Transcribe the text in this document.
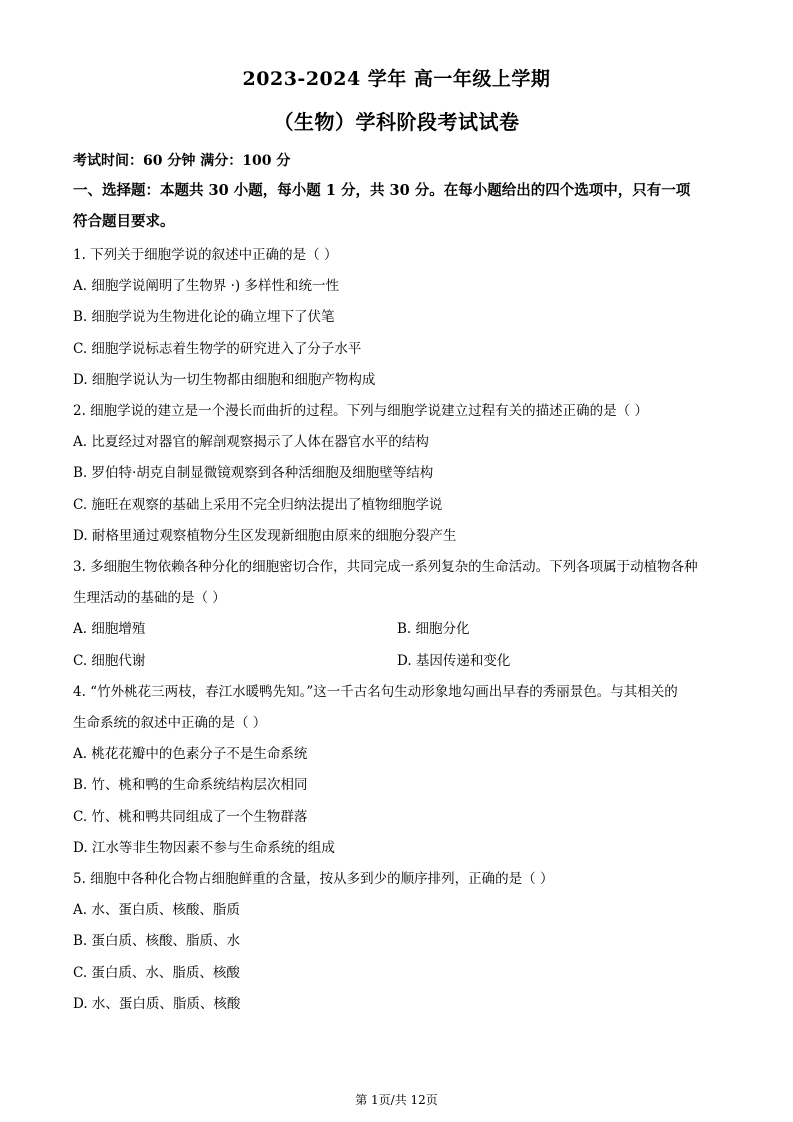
2023-2024 学年 高一年级上学期
（生物）学科阶段考试试卷
考试时间：60 分钟 满分：100 分
一、选择题：本题共 30 小题，每小题 1 分，共 30 分。在每小题给出的四个选项中，只有一项
符合题目要求。
1. 下列关于细胞学说的叙述中正确的是（ ）
A. 细胞学说阐明了生物界 ·) 多样性和统一性
B. 细胞学说为生物进化论的确立埋下了伏笔
C. 细胞学说标志着生物学的研究进入了分子水平
D. 细胞学说认为一切生物都由细胞和细胞产物构成
2. 细胞学说的建立是一个漫长而曲折的过程。下列与细胞学说建立过程有关的描述正确的是（ ）
A. 比夏经过对器官的解剖观察揭示了人体在器官水平的结构
B. 罗伯特·胡克自制显微镜观察到各种活细胞及细胞壁等结构
C. 施旺在观察的基础上采用不完全归纳法提出了植物细胞学说
D. 耐格里通过观察植物分生区发现新细胞由原来的细胞分裂产生
3. 多细胞生物依赖各种分化的细胞密切合作，共同完成一系列复杂的生命活动。下列各项属于动植物各种
生理活动的基础的是（ ）
A. 细胞增殖	B. 细胞分化
C. 细胞代谢	D. 基因传递和变化
4. “竹外桃花三两枝，春江水暖鸭先知。”这一千古名句生动形象地勾画出早春的秀丽景色。与其相关的
生命系统的叙述中正确的是（ ）
A. 桃花花瓣中的色素分子不是生命系统
B. 竹、桃和鸭的生命系统结构层次相同
C. 竹、桃和鸭共同组成了一个生物群落
D. 江水等非生物因素不参与生命系统的组成
5. 细胞中各种化合物占细胞鲜重的含量，按从多到少的顺序排列，正确的是（ ）
A. 水、蛋白质、核酸、脂质
B. 蛋白质、核酸、脂质、水
C. 蛋白质、水、脂质、核酸
D. 水、蛋白质、脂质、核酸
第 1页/共 12页
